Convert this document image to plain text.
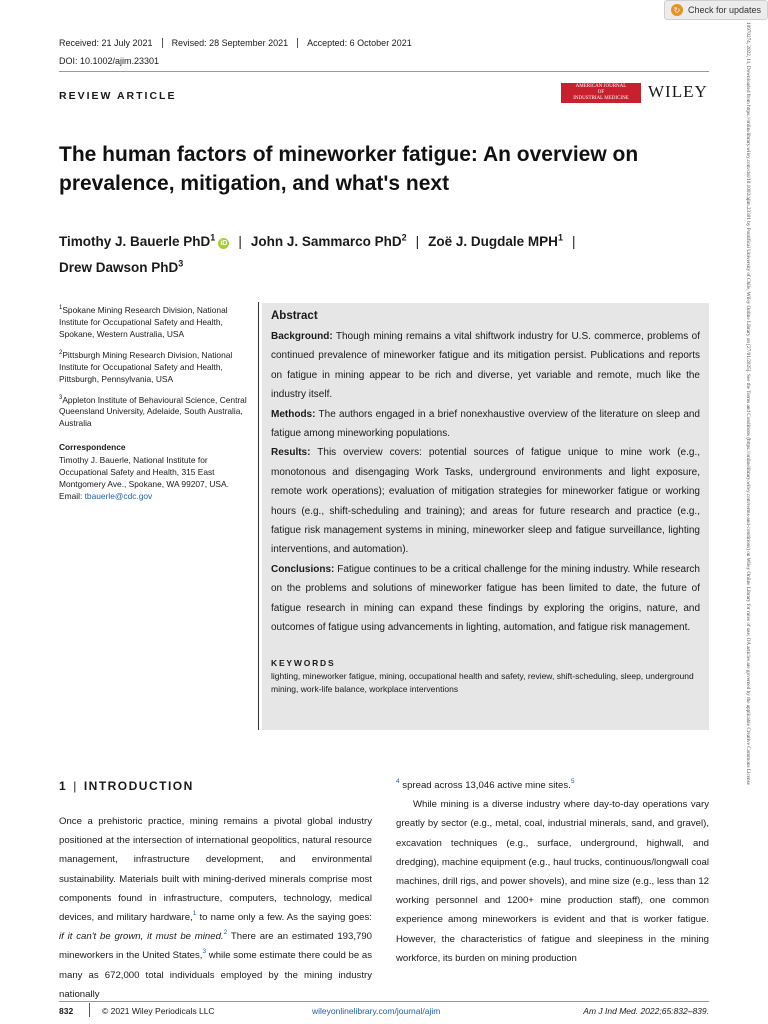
↻ Check for updates
Received: 21 July 2021	Revised: 28 September 2021	Accepted: 6 October 2021
DOI: 10.1002/ajim.23301
REVIEW ARTICLE
AMERICAN JOURNAL
OF
INDUSTRIAL MEDICINE	WILEY
The human factors of mineworker fatigue: An overview on prevalence, mitigation, and what's next
Timothy J. Bauerle PhD$^1$iD | John J. Sammarco PhD$^2$ | Zoë J. Dugdale MPH$^1$ |
Drew Dawson PhD$^3$

$^1$Spokane Mining Research Division, National Institute for Occupational Safety and Health, Spokane, Western Australia, USA

$^2$Pittsburgh Mining Research Division, National Institute for Occupational Safety and Health, Pittsburgh, Pennsylvania, USA

$^3$Appleton Institute of Behavioural Science, Central Queensland University, Adelaide, South Australia, Australia

Correspondence

Timothy J. Bauerle, National Institute for Occupational Safety and Health, 315 East Montgomery Ave., Spokane, WA 99207, USA.
Email: tbauerle@cdc.gov
Abstract

Background: Though mining remains a vital shiftwork industry for U.S. commerce, problems of continued prevalence of mineworker fatigue and its mitigation persist. Publications and reports on fatigue in mining appear to be rich and diverse, yet variable and remote, much like the industry itself.

Methods: The authors engaged in a brief nonexhaustive overview of the literature on sleep and fatigue among mineworking populations.

Results: This overview covers: potential sources of fatigue unique to mine work (e.g., monotonous and disengaging Work Tasks, underground environments and light exposure, remote work operations); evaluation of mitigation strategies for mineworker fatigue or working hours (e.g., shift-scheduling and training); and areas for future research and practice (e.g., fatigue risk management systems in mining, mineworker sleep and fatigue surveillance, lighting interventions, and automation).

Conclusions: Fatigue continues to be a critical challenge for the mining industry. While research on the problems and solutions of mineworker fatigue has been limited to date, the future of fatigue research in mining can expand these findings by exploring the origins, nature, and outcomes of fatigue using advancements in lighting, automation, and fatigue risk management.

KEYWORDS
lighting, mineworker fatigue, mining, occupational health and safety, review, shift-scheduling, sleep, underground mining, work-life balance, workplace interventions
1 | INTRODUCTION

Once a prehistoric practice, mining remains a pivotal global industry positioned at the intersection of international geopolitics, natural resource management, infrastructure development, and environmental sustainability. Materials built with mining-derived minerals comprise most components found in infrastructure, computers, technology, medical devices, and military hardware,$^1$ to name only a few. As the saying goes: if it can't be grown, it must be mined.$^2$ There are an estimated 193,790 mineworkers in the United States,$^3$ while some estimate there could be as many as 672,000 total individuals employed by the mining industry nationally

$^4$ spread across 13,046 active mine sites.$^5$

While mining is a diverse industry where day-to-day operations vary greatly by sector (e.g., metal, coal, industrial minerals, sand, and gravel), excavation techniques (e.g., surface, underground, highwall, and dredging), machine equipment (e.g., haul trucks, continuous/longwall coal machines, drill rigs, and power shovels), and mine size (e.g., less than 12 working personnel and 1200+ mine production staff), one common experience among mineworkers is evident and that is worker fatigue. However, the characteristics of fatigue and sleepiness in the mining workforce, its burden on mining production

832	© 2021 Wiley Periodicals LLC	wileyonlinelibrary.com/journal/ajim	Am J Ind Med. 2022;65:832–839.
10970274, 2022, 11, Downloaded from https://onlinelibrary.wiley.com/doi/10.1002/ajim.23301 by Pontifical University of Chile, Wiley Online Library on [27/01/2025]. See the Terms and Conditions (https://onlinelibrary.wiley.com/terms-and-conditions) on Wiley Online Library for rules of use; OA articles are governed by the applicable Creative Commons License
